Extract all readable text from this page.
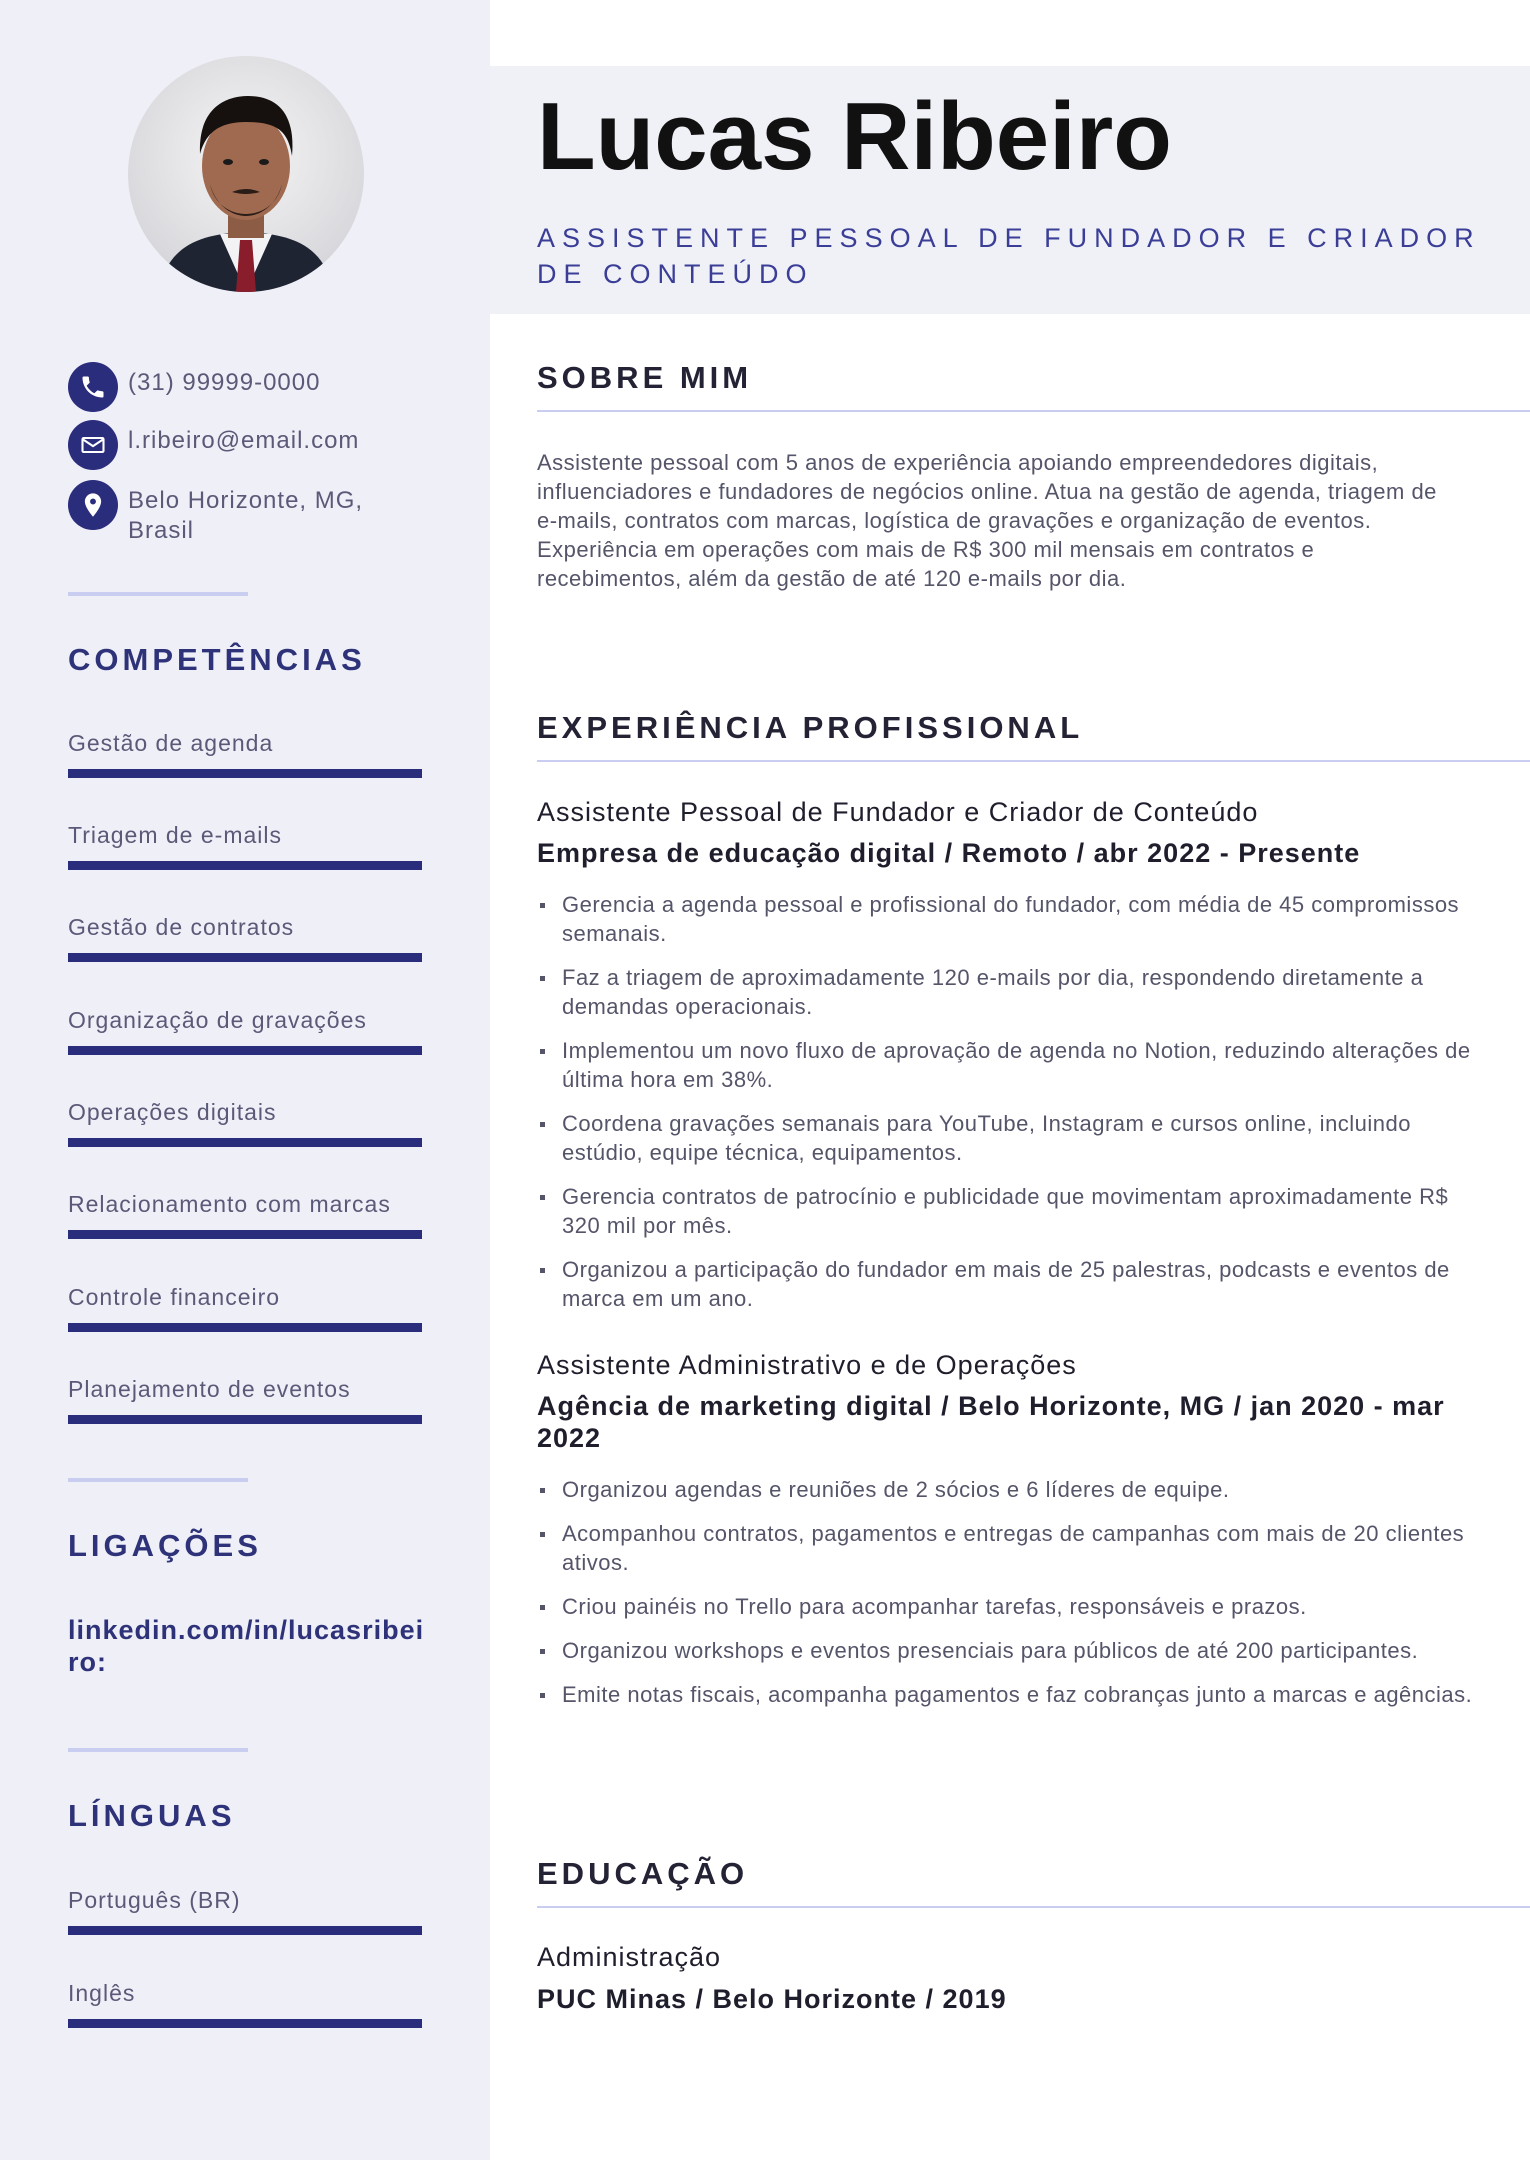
(31) 99999-0000
l.ribeiro@email.com
Belo Horizonte, MG, Brasil
COMPETÊNCIAS
Gestão de agenda
Triagem de e-mails
Gestão de contratos
Organização de gravações
Operações digitais
Relacionamento com marcas
Controle financeiro
Planejamento de eventos
LIGAÇÕES
linkedin.com/in/lucasribeiro:
LÍNGUAS
Português (BR)
Inglês
Lucas Ribeiro
ASSISTENTE PESSOAL DE FUNDADOR E CRIADOR DE CONTEÚDO
SOBRE MIM
Assistente pessoal com 5 anos de experiência apoiando empreendedores digitais, influenciadores e fundadores de negócios online. Atua na gestão de agenda, triagem de e-mails, contratos com marcas, logística de gravações e organização de eventos. Experiência em operações com mais de R$ 300 mil mensais em contratos e recebimentos, além da gestão de até 120 e-mails por dia.
EXPERIÊNCIA PROFISSIONAL
Assistente Pessoal de Fundador e Criador de Conteúdo
Empresa de educação digital / Remoto / abr 2022 - Presente
Gerencia a agenda pessoal e profissional do fundador, com média de 45 compromissos semanais.
Faz a triagem de aproximadamente 120 e-mails por dia, respondendo diretamente a demandas operacionais.
Implementou um novo fluxo de aprovação de agenda no Notion, reduzindo alterações de última hora em 38%.
Coordena gravações semanais para YouTube, Instagram e cursos online, incluindo estúdio, equipe técnica, equipamentos.
Gerencia contratos de patrocínio e publicidade que movimentam aproximadamente R$ 320 mil por mês.
Organizou a participação do fundador em mais de 25 palestras, podcasts e eventos de marca em um ano.
Assistente Administrativo e de Operações
Agência de marketing digital / Belo Horizonte, MG / jan 2020 - mar 2022
Organizou agendas e reuniões de 2 sócios e 6 líderes de equipe.
Acompanhou contratos, pagamentos e entregas de campanhas com mais de 20 clientes ativos.
Criou painéis no Trello para acompanhar tarefas, responsáveis e prazos.
Organizou workshops e eventos presenciais para públicos de até 200 participantes.
Emite notas fiscais, acompanha pagamentos e faz cobranças junto a marcas e agências.
EDUCAÇÃO
Administração
PUC Minas / Belo Horizonte / 2019
